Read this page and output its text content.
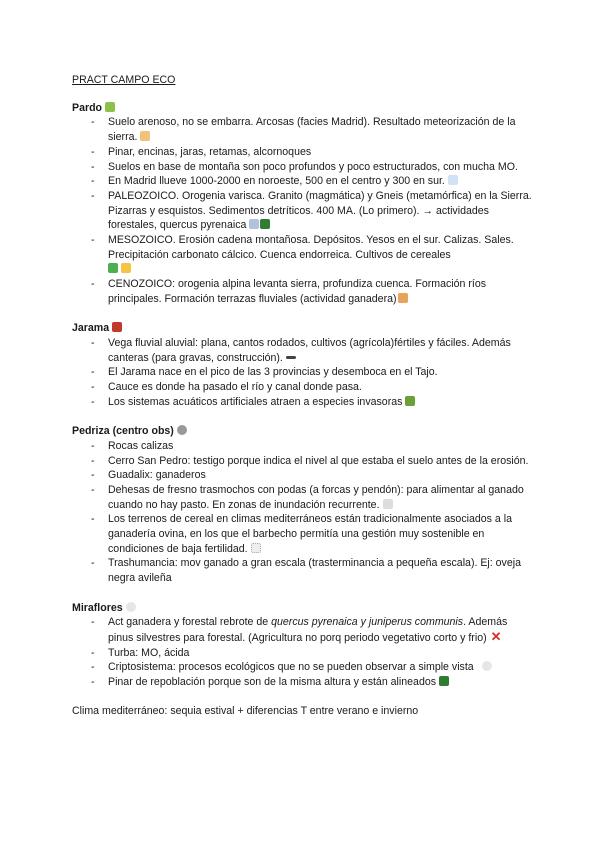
PRACT CAMPO ECO
Pardo
- Suelo arenoso, no se embarra. Arcosas (facies Madrid). Resultado meteorización de la sierra.
- Pinar, encinas, jaras, retamas, alcornoques
- Suelos en base de montaña son poco profundos y poco estructurados, con mucha MO.
- En Madrid llueve 1000-2000 en noroeste, 500 en el centro y 300 en sur.
- PALEOZOICO. Orogenia varisca. Granito (magmática) y Gneis (metamórfica) en la Sierra. Pizarras y esquistos. Sedimentos detríticos. 400 MA. (Lo primero). → actividades forestales, quercus pyrenaica
- MESOZOICO. Erosión cadena montañosa. Depósitos. Yesos en el sur. Calizas. Sales. Precipitación carbonato cálcico. Cuenca endorreica. Cultivos de cereales

- CENOZOICO: orogenia alpina levanta sierra, profundiza cuenca. Formación ríos principales. Formación terrazas fluviales (actividad ganadera)
Jarama
- Vega fluvial aluvial: plana, cantos rodados, cultivos (agrícola)fértiles y fáciles. Además canteras (para gravas, construcción).
- El Jarama nace en el pico de las 3 provincias y desemboca en el Tajo.
- Cauce es donde ha pasado el río y canal donde pasa.
- Los sistemas acuáticos artificiales atraen a especies invasoras
Pedriza (centro obs)
- Rocas calizas
- Cerro San Pedro: testigo porque indica el nivel al que estaba el suelo antes de la erosión.
- Guadalix: ganaderos
- Dehesas de fresno trasmochos con podas (a forcas y pendón): para alimentar al ganado cuando no hay pasto. En zonas de inundación recurrente.
- Los terrenos de cereal en climas mediterráneos están tradicionalmente asociados a la ganadería ovina, en los que el barbecho permitía una gestión muy sostenible en condiciones de baja fertilidad.
- Trashumancia: mov ganado a gran escala (trasterminancia a pequeña escala). Ej: oveja negra avileña
Miraflores
- Act ganadera y forestal rebrote de quercus pyrenaica y juniperus communis. Además pinus silvestres para forestal. (Agricultura no porq periodo vegetativo corto y frio) ✕
- Turba: MO, ácida
- Criptosistema: procesos ecológicos que no se pueden observar a simple vista
- Pinar de repoblación porque son de la misma altura y están alineados
Clima mediterráneo: sequia estival + diferencias T entre verano e invierno
